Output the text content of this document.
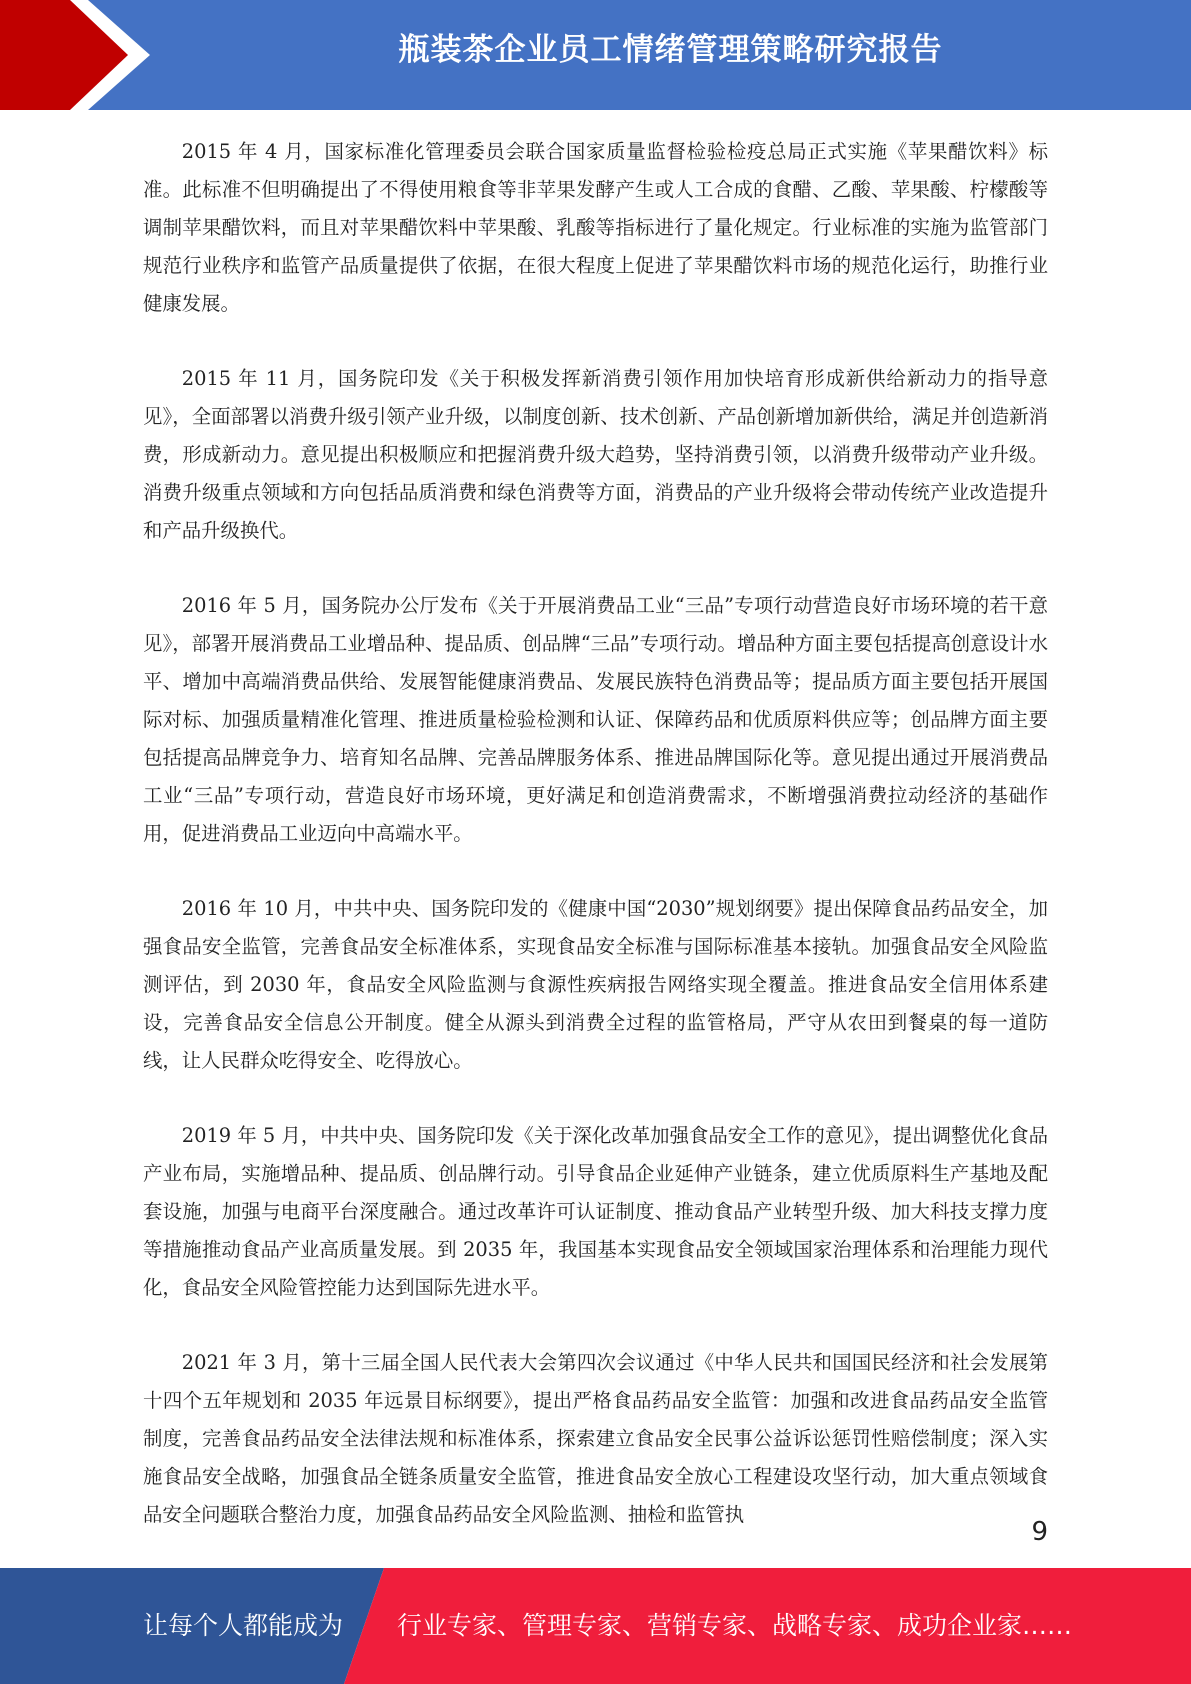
瓶装茶企业员工情绪管理策略研究报告

2015 年 4 月，国家标准化管理委员会联合国家质量监督检验检疫总局正式实施《苹果醋饮料》标准。此标准不但明确提出了不得使用粮食等非苹果发酵产生或人工合成的食醋、乙酸、苹果酸、柠檬酸等调制苹果醋饮料，而且对苹果醋饮料中苹果酸、乳酸等指标进行了量化规定。行业标准的实施为监管部门规范行业秩序和监管产品质量提供了依据，在很大程度上促进了苹果醋饮料市场的规范化运行，助推行业健康发展。

2015 年 11 月，国务院印发《关于积极发挥新消费引领作用加快培育形成新供给新动力的指导意见》，全面部署以消费升级引领产业升级，以制度创新、技术创新、产品创新增加新供给，满足并创造新消费，形成新动力。意见提出积极顺应和把握消费升级大趋势，坚持消费引领，以消费升级带动产业升级。消费升级重点领域和方向包括品质消费和绿色消费等方面，消费品的产业升级将会带动传统产业改造提升和产品升级换代。

2016 年 5 月，国务院办公厅发布《关于开展消费品工业“三品”专项行动营造良好市场环境的若干意见》，部署开展消费品工业增品种、提品质、创品牌“三品”专项行动。增品种方面主要包括提高创意设计水平、增加中高端消费品供给、发展智能健康消费品、发展民族特色消费品等；提品质方面主要包括开展国际对标、加强质量精准化管理、推进质量检验检测和认证、保障药品和优质原料供应等；创品牌方面主要包括提高品牌竞争力、培育知名品牌、完善品牌服务体系、推进品牌国际化等。意见提出通过开展消费品工业“三品”专项行动，营造良好市场环境，更好满足和创造消费需求，不断增强消费拉动经济的基础作用，促进消费品工业迈向中高端水平。

2016 年 10 月，中共中央、国务院印发的《健康中国“2030”规划纲要》提出保障食品药品安全，加强食品安全监管，完善食品安全标准体系，实现食品安全标准与国际标准基本接轨。加强食品安全风险监测评估，到 2030 年，食品安全风险监测与食源性疾病报告网络实现全覆盖。推进食品安全信用体系建设，完善食品安全信息公开制度。健全从源头到消费全过程的监管格局，严守从农田到餐桌的每一道防线，让人民群众吃得安全、吃得放心。

2019 年 5 月，中共中央、国务院印发《关于深化改革加强食品安全工作的意见》，提出调整优化食品产业布局，实施增品种、提品质、创品牌行动。引导食品企业延伸产业链条，建立优质原料生产基地及配套设施，加强与电商平台深度融合。通过改革许可认证制度、推动食品产业转型升级、加大科技支撑力度等措施推动食品产业高质量发展。到 2035 年，我国基本实现食品安全领域国家治理体系和治理能力现代化，食品安全风险管控能力达到国际先进水平。

2021 年 3 月，第十三届全国人民代表大会第四次会议通过《中华人民共和国国民经济和社会发展第十四个五年规划和 2035 年远景目标纲要》，提出严格食品药品安全监管：加强和改进食品药品安全监管制度，完善食品药品安全法律法规和标准体系，探索建立食品安全民事公益诉讼惩罚性赔偿制度；深入实施食品安全战略，加强食品全链条质量安全监管，推进食品安全放心工程建设攻坚行动，加大重点领域食品安全问题联合整治力度，加强食品药品安全风险监测、抽检和监管执

9
让每个人都能成为 行业专家、管理专家、营销专家、战略专家、成功企业家……
